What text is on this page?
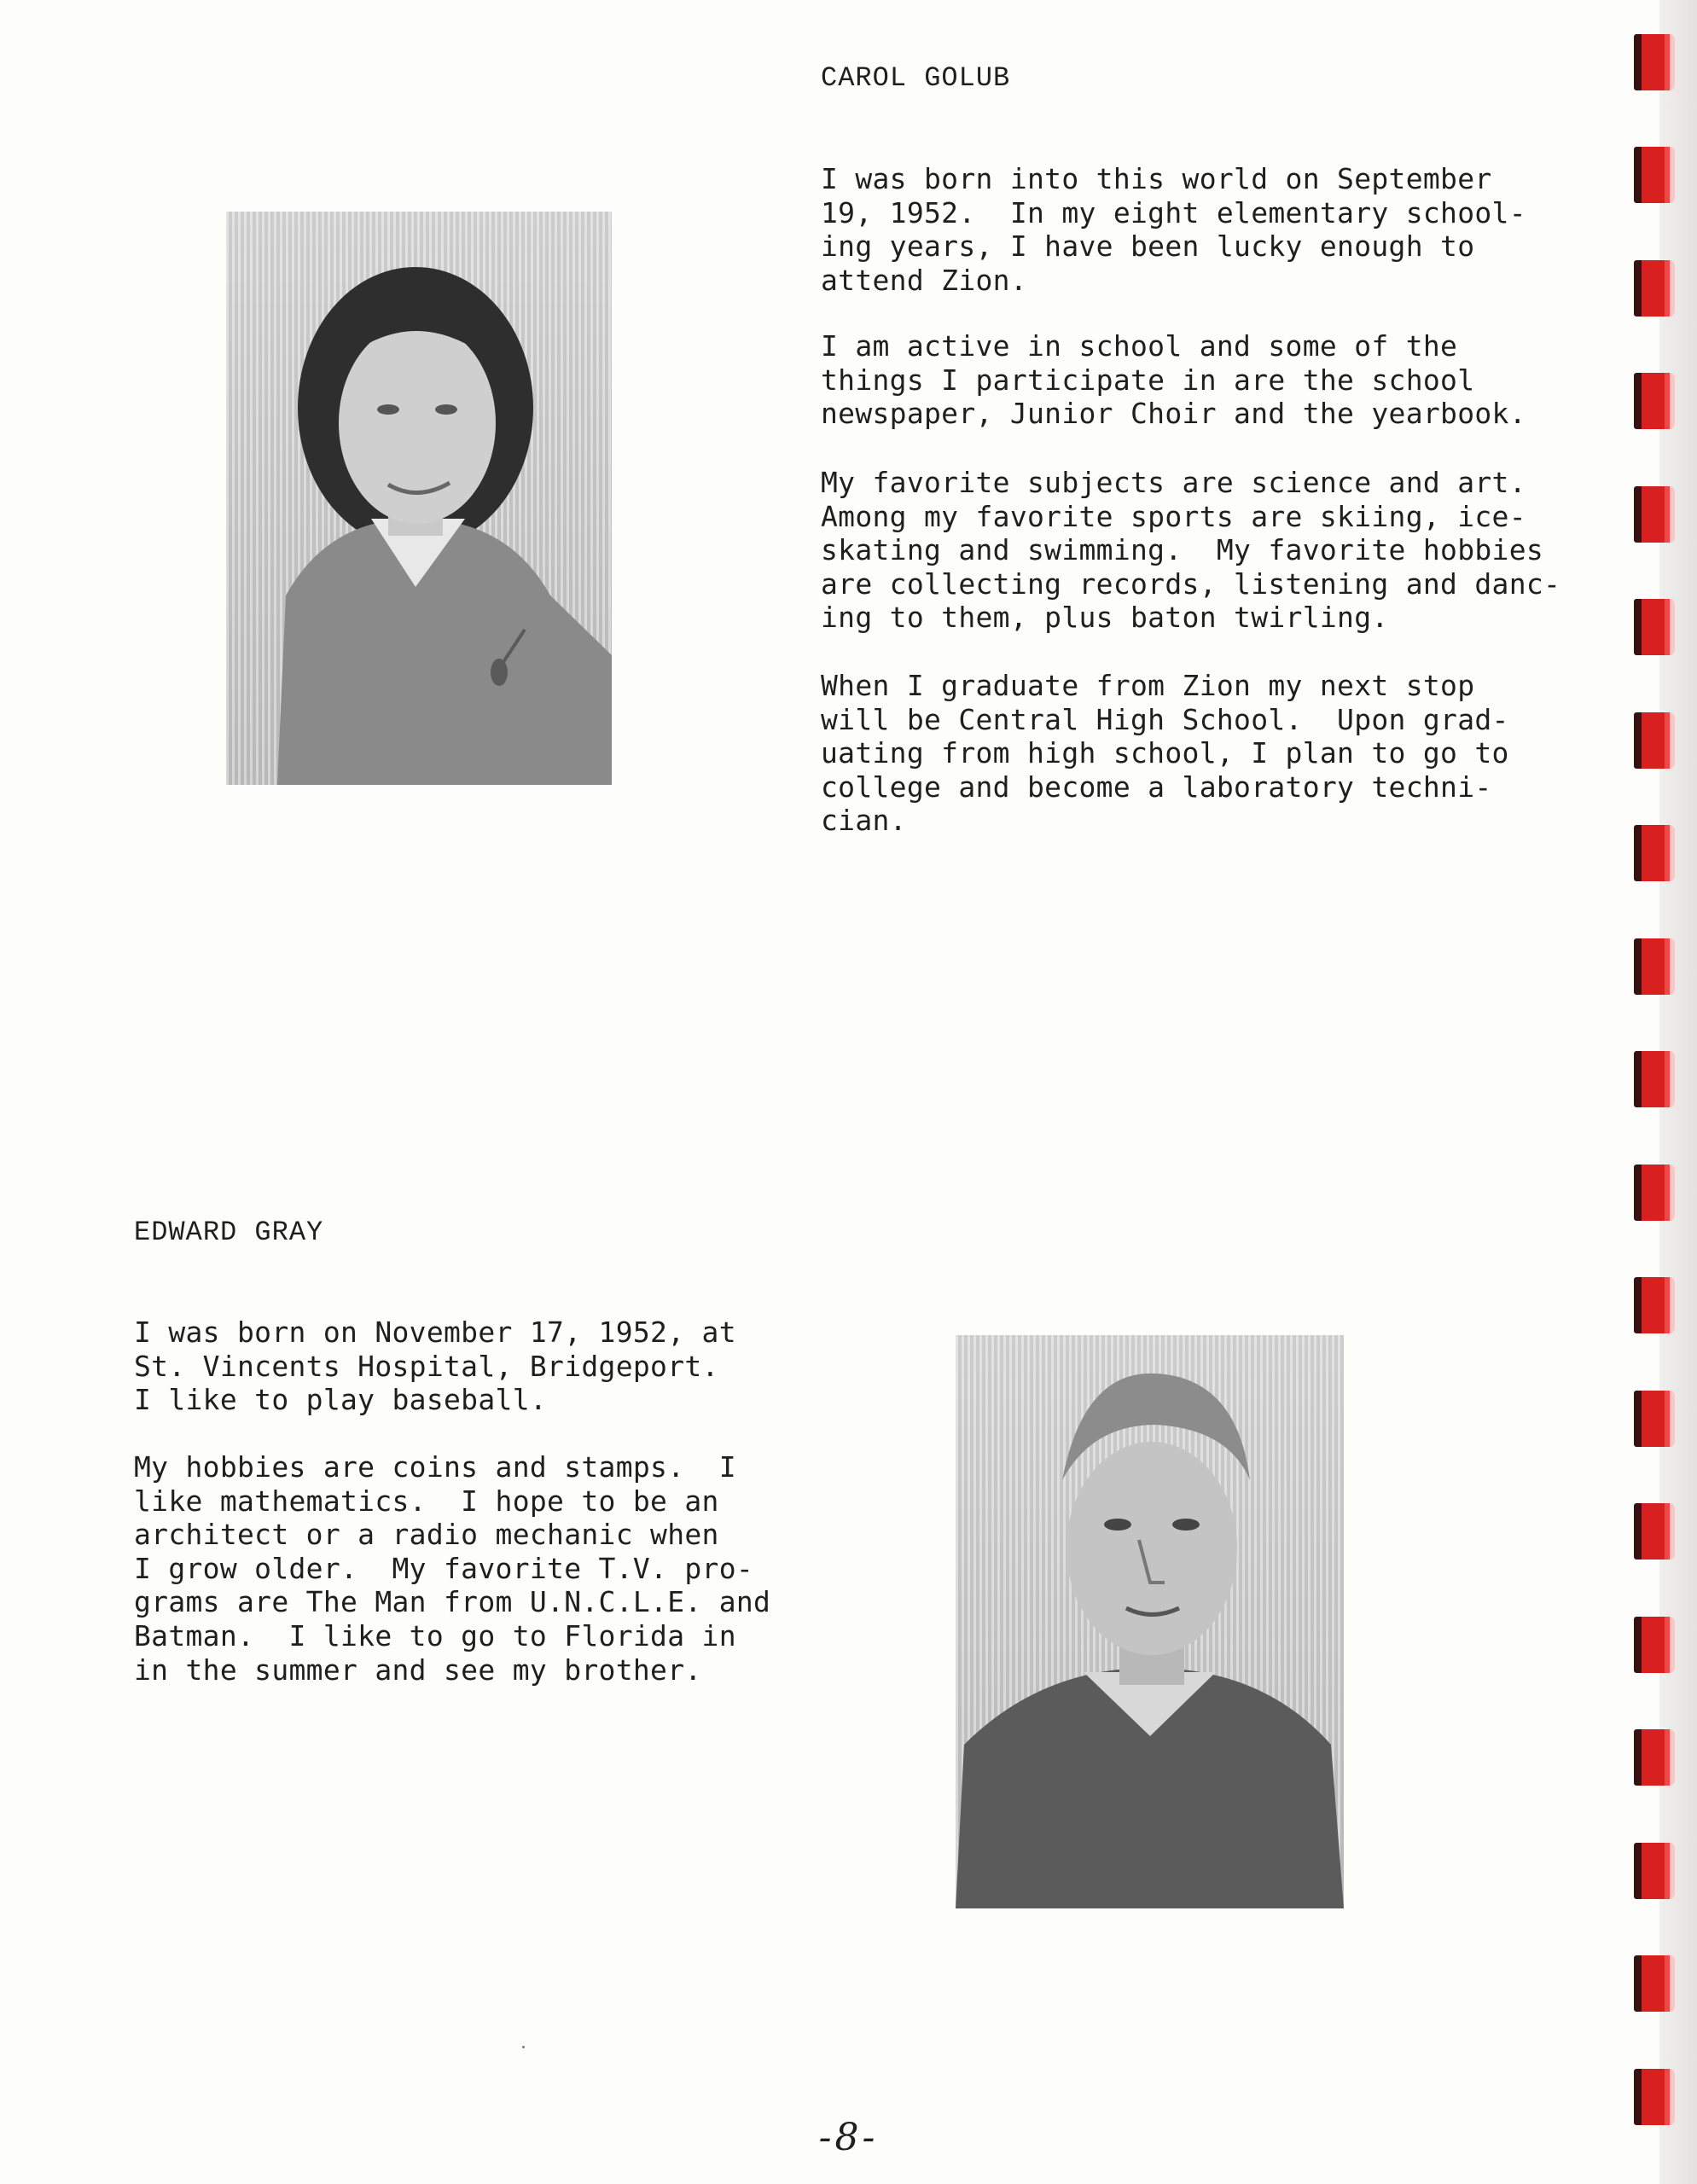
CAROL GOLUB
I was born into this world on September
19, 1952.  In my eight elementary school-
ing years, I have been lucky enough to
attend Zion.
I am active in school and some of the
things I participate in are the school
newspaper, Junior Choir and the yearbook.
My favorite subjects are science and art.
Among my favorite sports are skiing, ice-
skating and swimming.  My favorite hobbies
are collecting records, listening and danc-
ing to them, plus baton twirling.
When I graduate from Zion my next stop
will be Central High School.  Upon grad-
uating from high school, I plan to go to
college and become a laboratory techni-
cian.
EDWARD GRAY
I was born on November 17, 1952, at
St. Vincents Hospital, Bridgeport.
I like to play baseball.
My hobbies are coins and stamps.  I
like mathematics.  I hope to be an
architect or a radio mechanic when
I grow older.  My favorite T.V. pro-
grams are The Man from U.N.C.L.E. and
Batman.  I like to go to Florida in
in the summer and see my brother.
-8-
